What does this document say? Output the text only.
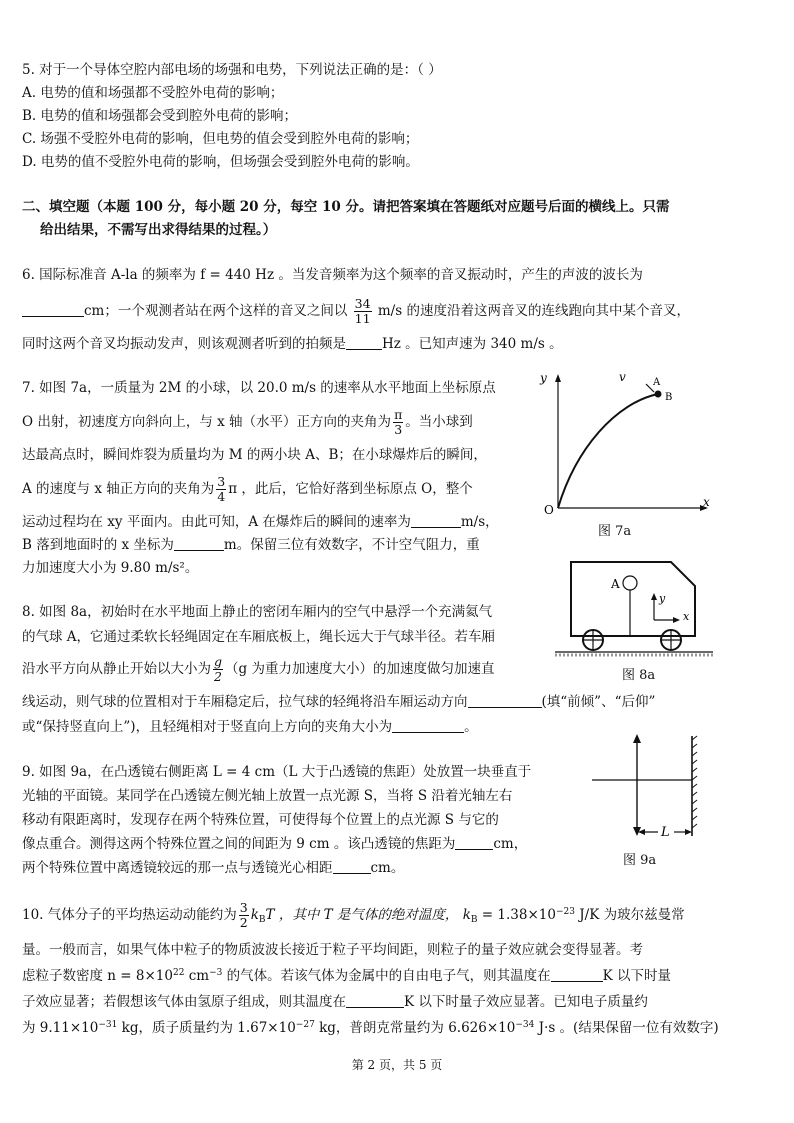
5. 对于一个导体空腔内部电场的场强和电势，下列说法正确的是：（ ）
A. 电势的值和场强都不受腔外电荷的影响；
B. 电势的值和场强都会受到腔外电荷的影响；
C. 场强不受腔外电荷的影响，但电势的值会受到腔外电荷的影响；
D. 电势的值不受腔外电荷的影响，但场强会受到腔外电荷的影响。
二、填空题（本题 100 分，每小题 20 分，每空 10 分。请把答案填在答题纸对应题号后面的横线上。只需
给出结果，不需写出求得结果的过程。）
6. 国际标准音 A-la 的频率为 f = 440 Hz 。当发音频率为这个频率的音叉振动时，产生的声波的波长为
cm；一个观测者站在两个这样的音叉之间以 $\frac{34}{11} m/s$ 的速度沿着这两音叉的连线跑向其中某个音叉，
同时这两个音叉均振动发声，则该观测者听到的拍频是	Hz 。已知声速为 340 m/s 。
7. 如图 7a，一质量为 2M 的小球，以 20.0 m/s 的速率从水平地面上坐标原点
O 出射，初速度方向斜向上，与 x 轴（水平）正方向的夹角为 $\frac{\pi}{3}$ 。当小球到
达最高点时，瞬间炸裂为质量均为 M 的两小块 A、B；在小球爆炸后的瞬间，
A 的速度与 x 轴正方向的夹角为 $\frac{3}{4}$ π ，此后，它恰好落到坐标原点 O，整个
运动过程均在 xy 平面内。由此可知，A 在爆炸后的瞬间的速率为	m/s，
B 落到地面时的 x 坐标为	m。保留三位有效数字，不计空气阻力，重
力加速度大小为 9.80 m/s²。
y
x
O
v	A
B
图 7a
8. 如图 8a，初始时在水平地面上静止的密闭车厢内的空气中悬浮一个充满氦气
的气球 A，它通过柔软长轻绳固定在车厢底板上，绳长远大于气球半径。若车厢
沿水平方向从静止开始以大小为 $\frac{g}{2} (g$ 为重力加速度大小）的加速度做匀加速直
线运动，则气球的位置相对于车厢稳定后，拉气球的轻绳将沿车厢运动方向	(填“前倾”、“后仰”
或“保持竖直向上”)，且轻绳相对于竖直向上方向的夹角大小为	。
A
y
x
图 8a
9. 如图 9a，在凸透镜右侧距离 L = 4 cm（L 大于凸透镜的焦距）处放置一块垂直于
光轴的平面镜。某同学在凸透镜左侧光轴上放置一点光源 S，当将 S 沿着光轴左右
移动有限距离时，发现存在两个特殊位置，可使得每个位置上的点光源 S 与它的
像点重合。测得这两个特殊位置之间的间距为 9 cm 。该凸透镜的焦距为	cm，
两个特殊位置中离透镜较远的那一点与透镜光心相距	cm。
L
图 9a
10. 气体分子的平均热运动动能约为 $\frac{3}{2} k_BT$ ，其中 T 是气体的绝对温度， $k_B = 1.38\times 10^{-23}$ J/K 为玻尔兹曼常
量。一般而言，如果气体中粒子的物质波波长接近于粒子平均间距，则粒子的量子效应就会变得显著。考
虑粒子数密度 $n = 8\times 10^{22}$ $cm^{-3}$ 的气体。若该气体为金属中的自由电子气，则其温度在	K 以下时量
子效应显著；若假想该气体由氢原子组成，则其温度在	K 以下时量子效应显著。已知电子质量约
为 $9.11\times 10^{-31}$ kg，质子质量约为 $1.67\times 10^{-27}$ kg，普朗克常量约为 $6.626\times 10^{-34}$ J·s 。(结果保留一位有效数字)
第 2 页，共 5 页
